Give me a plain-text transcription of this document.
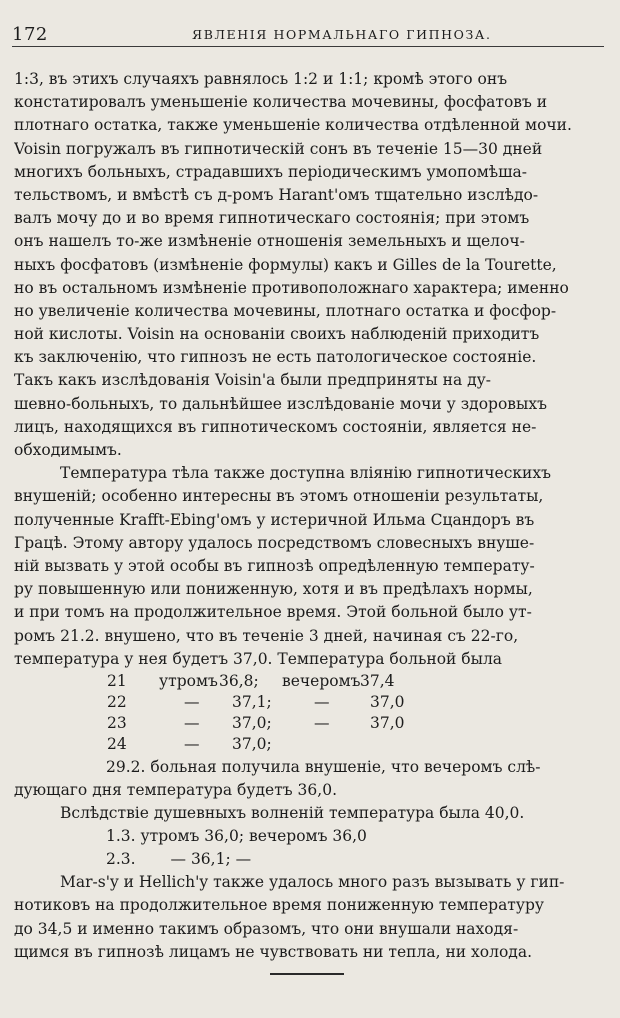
172	ЯВЛЕНІЯ НОРМАЛЬНАГО ГИПНОЗА.
1:3, въ этихъ случаяхъ равнялось 1:2 и 1:1; кромѣ этого онъ
констатировалъ уменьшеніе количества мочевины, фосфатовъ и
плотнаго остатка, также уменьшеніе количества отдѣленной мочи.
Voisin погружалъ въ гипнотическій сонъ въ теченіе 15—30 дней
многихъ больныхъ, страдавшихъ періодическимъ умопомѣша-
тельствомъ, и вмѣстѣ съ д-ромъ Harant'омъ тщательно изслѣдо-
валъ мочу до и во время гипнотическаго состоянія; при этомъ
онъ нашелъ то-же измѣненіе отношенія земельныхъ и щелоч-
ныхъ фосфатовъ (измѣненіе формулы) какъ и Gilles de la Tourette,
но въ остальномъ измѣненіе противоположнаго характера; именно
но увеличеніе количества мочевины, плотнаго остатка и фосфор-
ной кислоты. Voisin на основаніи своихъ наблюденій приходитъ
къ заключенію, что гипнозъ не есть патологическое состояніе.
Такъ какъ изслѣдованія Voisin'a были предприняты на ду-
шевно-больныхъ, то дальнѣйшее изслѣдованіе мочи у здоровыхъ
лицъ, находящихся въ гипнотическомъ состояніи, является не-
обходимымъ.
Температура тѣла также доступна вліянію гипнотическихъ
внушеній; особенно интересны въ этомъ отношеніи результаты,
полученные Krafft-Ebing'омъ у истеричной Ильма Сцандоръ въ
Грацѣ. Этому автору удалось посредствомъ словесныхъ внуше-
ній вызвать у этой особы въ гипнозѣ опредѣленную температу-
ру повышенную или пониженную, хотя и въ предѣлахъ нормы,
и при томъ на продолжительное время. Этой больной было ут-
ромъ 21.2. внушено, что въ теченіе 3 дней, начиная съ 22-го,
температура у нея будетъ 37,0. Температура больной была
21 утромъ 36,8; вечеромъ 37,4
22	— 37,1;	—	37,0
23	— 37,0;	—	37,0
24	— 37,0;
29.2. больная получила внушеніе, что вечеромъ слѣ-
дующаго дня температура будетъ 36,0.
Вслѣдствіе душевныхъ волненій температура была 40,0.
1.3. утромъ 36,0; вечеромъ 36,0
2.3. — 36,1; —
Mar-s'y и Hellich'y также удалось много разъ вызывать у гип-
нотиковъ на продолжительное время пониженную температуру
до 34,5 и именно такимъ образомъ, что они внушали находя-
щимся въ гипнозѣ лицамъ не чувствовать ни тепла, ни холода.
